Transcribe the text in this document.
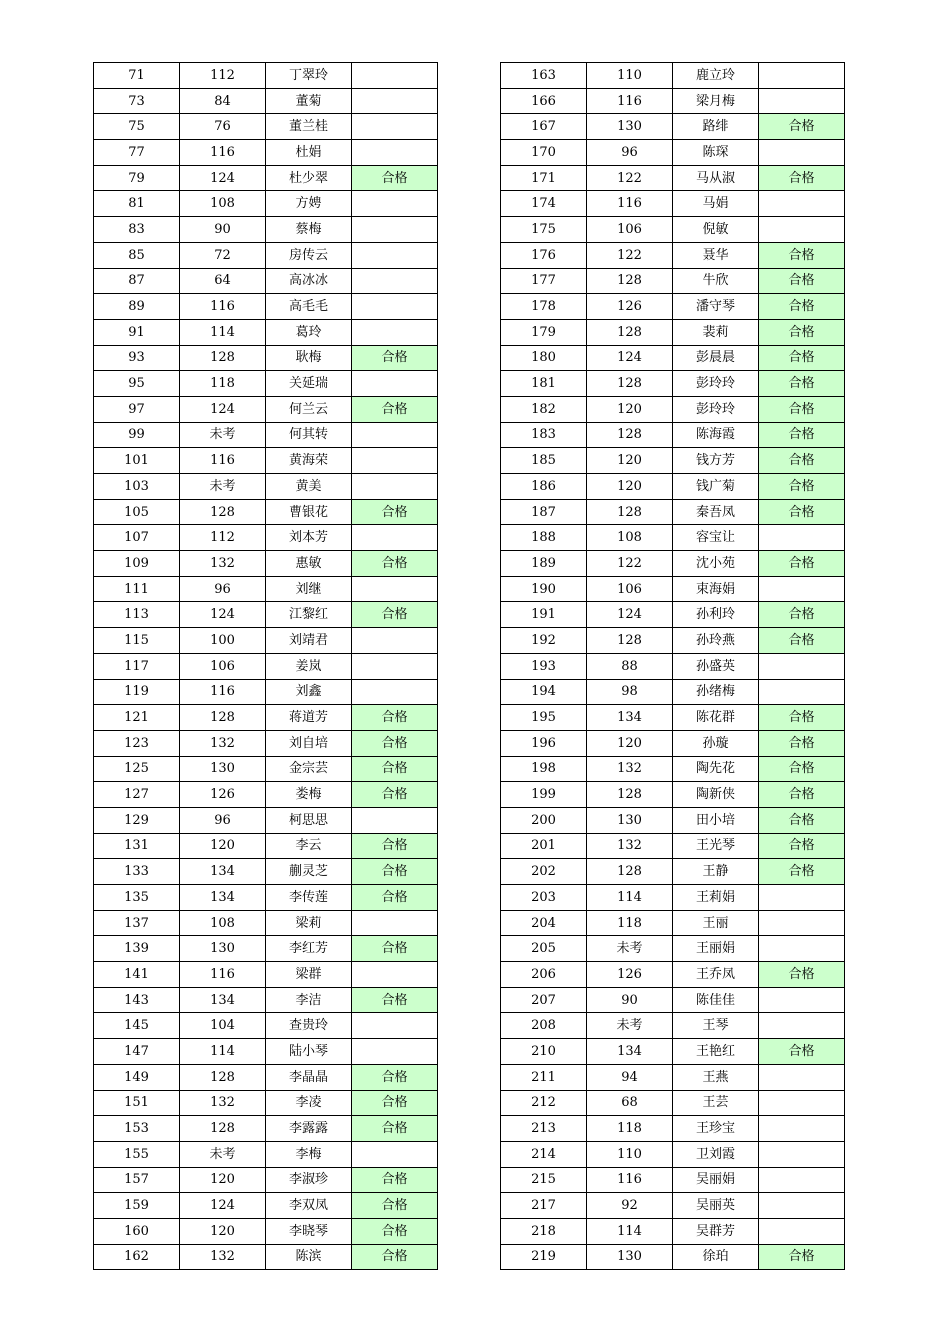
71	112	丁翠玲	
73	84	董菊	
75	76	董兰桂	
77	116	杜娟	
79	124	杜少翠	合格
81	108	方娉	
83	90	蔡梅	
85	72	房传云	
87	64	高冰冰	
89	116	高毛毛	
91	114	葛玲	
93	128	耿梅	合格
95	118	关延瑞	
97	124	何兰云	合格
99	未考	何其转	
101	116	黄海荣	
103	未考	黄美	
105	128	曹银花	合格
107	112	刘本芳	
109	132	惠敏	合格
111	96	刘继	
113	124	江黎红	合格
115	100	刘靖君	
117	106	姜岚	
119	116	刘鑫	
121	128	蒋道芳	合格
123	132	刘自培	合格
125	130	金宗芸	合格
127	126	娄梅	合格
129	96	柯思思	
131	120	李云	合格
133	134	蒯灵芝	合格
135	134	李传莲	合格
137	108	梁莉	
139	130	李红芳	合格
141	116	梁群	
143	134	李洁	合格
145	104	查贵玲	
147	114	陆小琴	
149	128	李晶晶	合格
151	132	李凌	合格
153	128	李露露	合格
155	未考	李梅	
157	120	李淑珍	合格
159	124	李双凤	合格
160	120	李晓琴	合格
162	132	陈滨	合格
163	110	鹿立玲	
166	116	梁月梅	
167	130	路绯	合格
170	96	陈琛	
171	122	马从淑	合格
174	116	马娟	
175	106	倪敏	
176	122	聂华	合格
177	128	牛欣	合格
178	126	潘守琴	合格
179	128	裴莉	合格
180	124	彭晨晨	合格
181	128	彭玲玲	合格
182	120	彭玲玲	合格
183	128	陈海霞	合格
185	120	钱方芳	合格
186	120	钱广菊	合格
187	128	秦吾凤	合格
188	108	容宝让	
189	122	沈小苑	合格
190	106	束海娟	
191	124	孙利玲	合格
192	128	孙玲燕	合格
193	88	孙盛英	
194	98	孙绪梅	
195	134	陈花群	合格
196	120	孙璇	合格
198	132	陶先花	合格
199	128	陶新侠	合格
200	130	田小培	合格
201	132	王光琴	合格
202	128	王静	合格
203	114	王莉娟	
204	118	王丽	
205	未考	王丽娟	
206	126	王乔凤	合格
207	90	陈佳佳	
208	未考	王琴	
210	134	王艳红	合格
211	94	王燕	
212	68	王芸	
213	118	王珍宝	
214	110	卫刘霞	
215	116	吴丽娟	
217	92	吴丽英	
218	114	吴群芳	
219	130	徐珀	合格
